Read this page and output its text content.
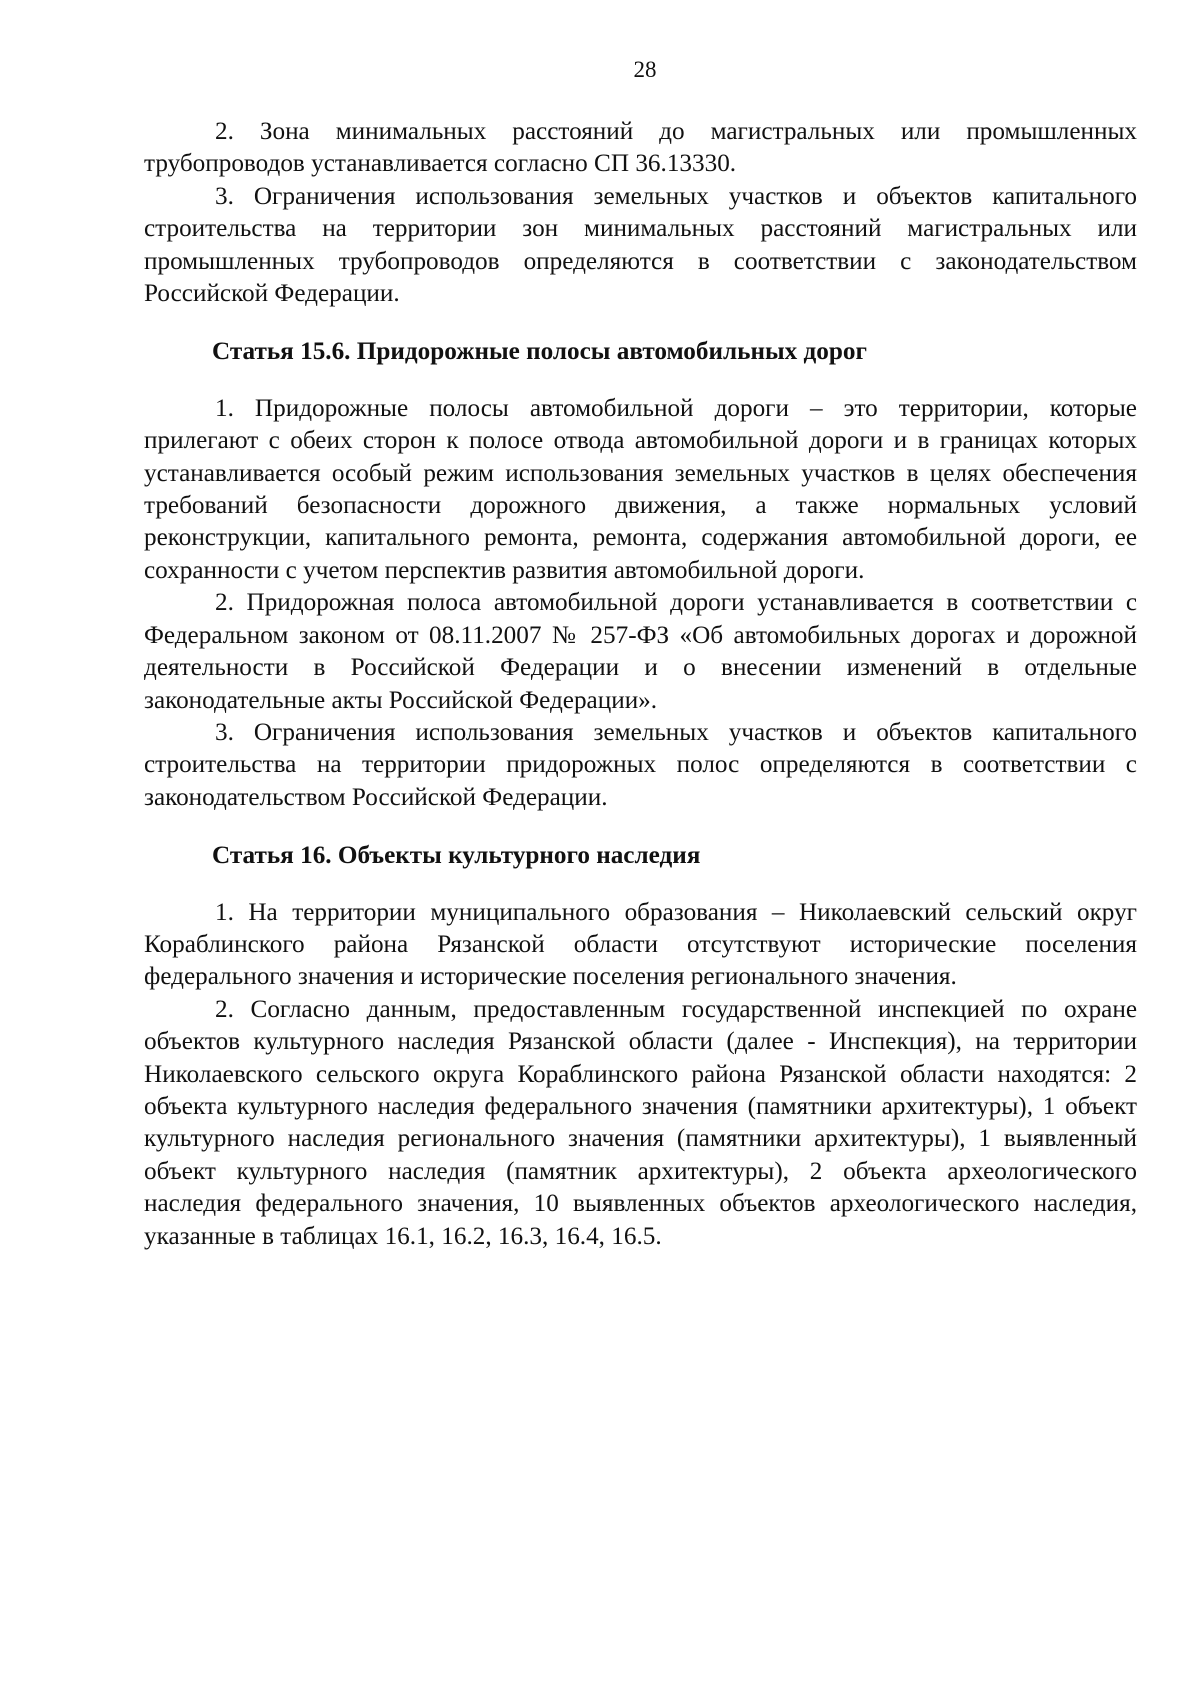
28

2. Зона минимальных расстояний до магистральных или промышленных трубопроводов устанавливается согласно СП 36.13330.

3. Ограничения использования земельных участков и объектов капитального строительства на территории зон минимальных расстояний магистральных или промышленных трубопроводов определяются в соответствии с законодательством Российской Федерации.

Статья 15.6. Придорожные полосы автомобильных дорог

1. Придорожные полосы автомобильной дороги – это территории, которые прилегают с обеих сторон к полосе отвода автомобильной дороги и в границах которых устанавливается особый режим использования земельных участков в целях обеспечения требований безопасности дорожного движения, а также нормальных условий реконструкции, капитального ремонта, ремонта, содержания автомобильной дороги, ее сохранности с учетом перспектив развития автомобильной дороги.

2. Придорожная полоса автомобильной дороги устанавливается в соответствии с Федеральном законом от 08.11.2007 № 257-ФЗ «Об автомобильных дорогах и дорожной деятельности в Российской Федерации и о внесении изменений в отдельные законодательные акты Российской Федерации».

3. Ограничения использования земельных участков и объектов капитального строительства на территории придорожных полос определяются в соответствии с законодательством Российской Федерации.

Статья 16. Объекты культурного наследия

1. На территории муниципального образования – Николаевский сельский округ Кораблинского района Рязанской области отсутствуют исторические поселения федерального значения и исторические поселения регионального значения.

2. Согласно данным, предоставленным государственной инспекцией по охране объектов культурного наследия Рязанской области (далее - Инспекция), на территории Николаевского сельского округа Кораблинского района Рязанской области находятся: 2 объекта культурного наследия федерального значения (памятники архитектуры), 1 объект культурного наследия регионального значения (памятники архитектуры), 1 выявленный объект культурного наследия (памятник архитектуры), 2 объекта археологического наследия федерального значения, 10 выявленных объектов археологического наследия, указанные в таблицах 16.1, 16.2, 16.3, 16.4, 16.5.
